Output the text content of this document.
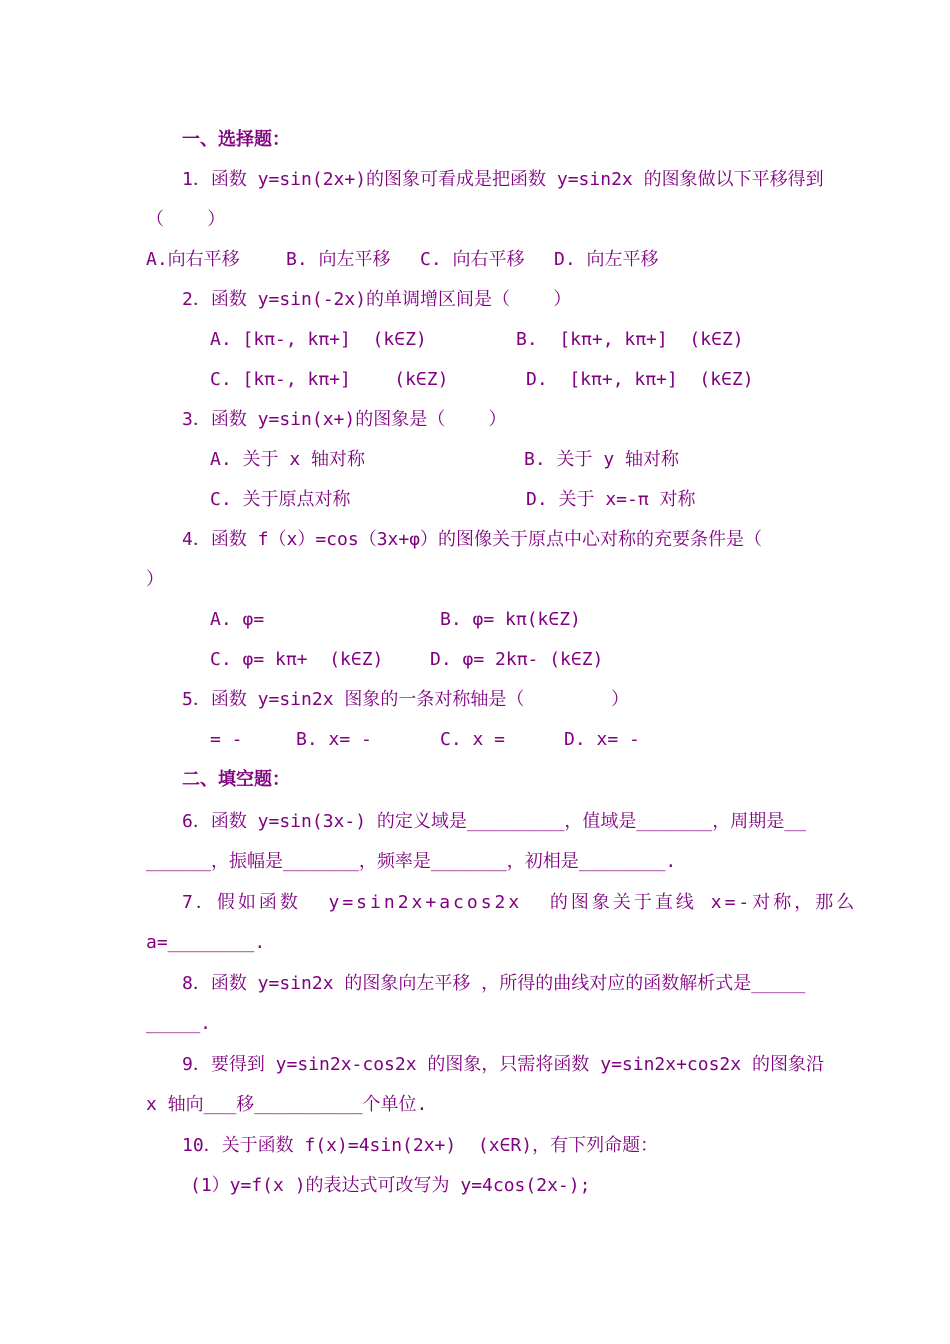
一、选择题：
1．函数 y=sin(2x+)的图象可看成是把函数 y=sin2x 的图象做以下平移得到
（    ）
A.向右平移	B. 向左平移 C. 向右平移 D. 向左平移
2．函数 y=sin(-2x)的单调增区间是（    ）
A. [kπ-, kπ+]  (k∈Z)	B.  [kπ+, kπ+]  (k∈Z)
C. [kπ-, kπ+]    (k∈Z)	D.  [kπ+, kπ+]  (k∈Z)
3．函数 y=sin(x+)的图象是（    ）
A. 关于 x 轴对称	B. 关于 y 轴对称
C. 关于原点对称	D. 关于 x=-π 对称
4．函数 f（x）=cos（3x+φ）的图像关于原点中心对称的充要条件是（
）
A. φ=	B. φ= kπ(k∈Z)
C. φ= kπ+  (k∈Z)	D. φ= 2kπ- (k∈Z)
5．函数 y=sin2x 图象的一条对称轴是（        ）
= -	B. x= -	C. x =	D. x= -
二、填空题：
6．函数 y=sin(3x-) 的定义域是_________，值域是_______，周期是__
______，振幅是_______，频率是_______，初相是________.
7．假如函数  y=sin2x+acos2x  的图象关于直线 x=-对称，那么
a=________.
8．函数 y=sin2x 的图象向左平移 ，所得的曲线对应的函数解析式是_____
_____.
9．要得到 y=sin2x-cos2x 的图象，只需将函数 y=sin2x+cos2x 的图象沿
x 轴向___移__________个单位.
10．关于函数 f(x)=4sin(2x+)  (x∈R)，有下列命题：
(1）y=f(x )的表达式可改写为 y=4cos(2x-);
